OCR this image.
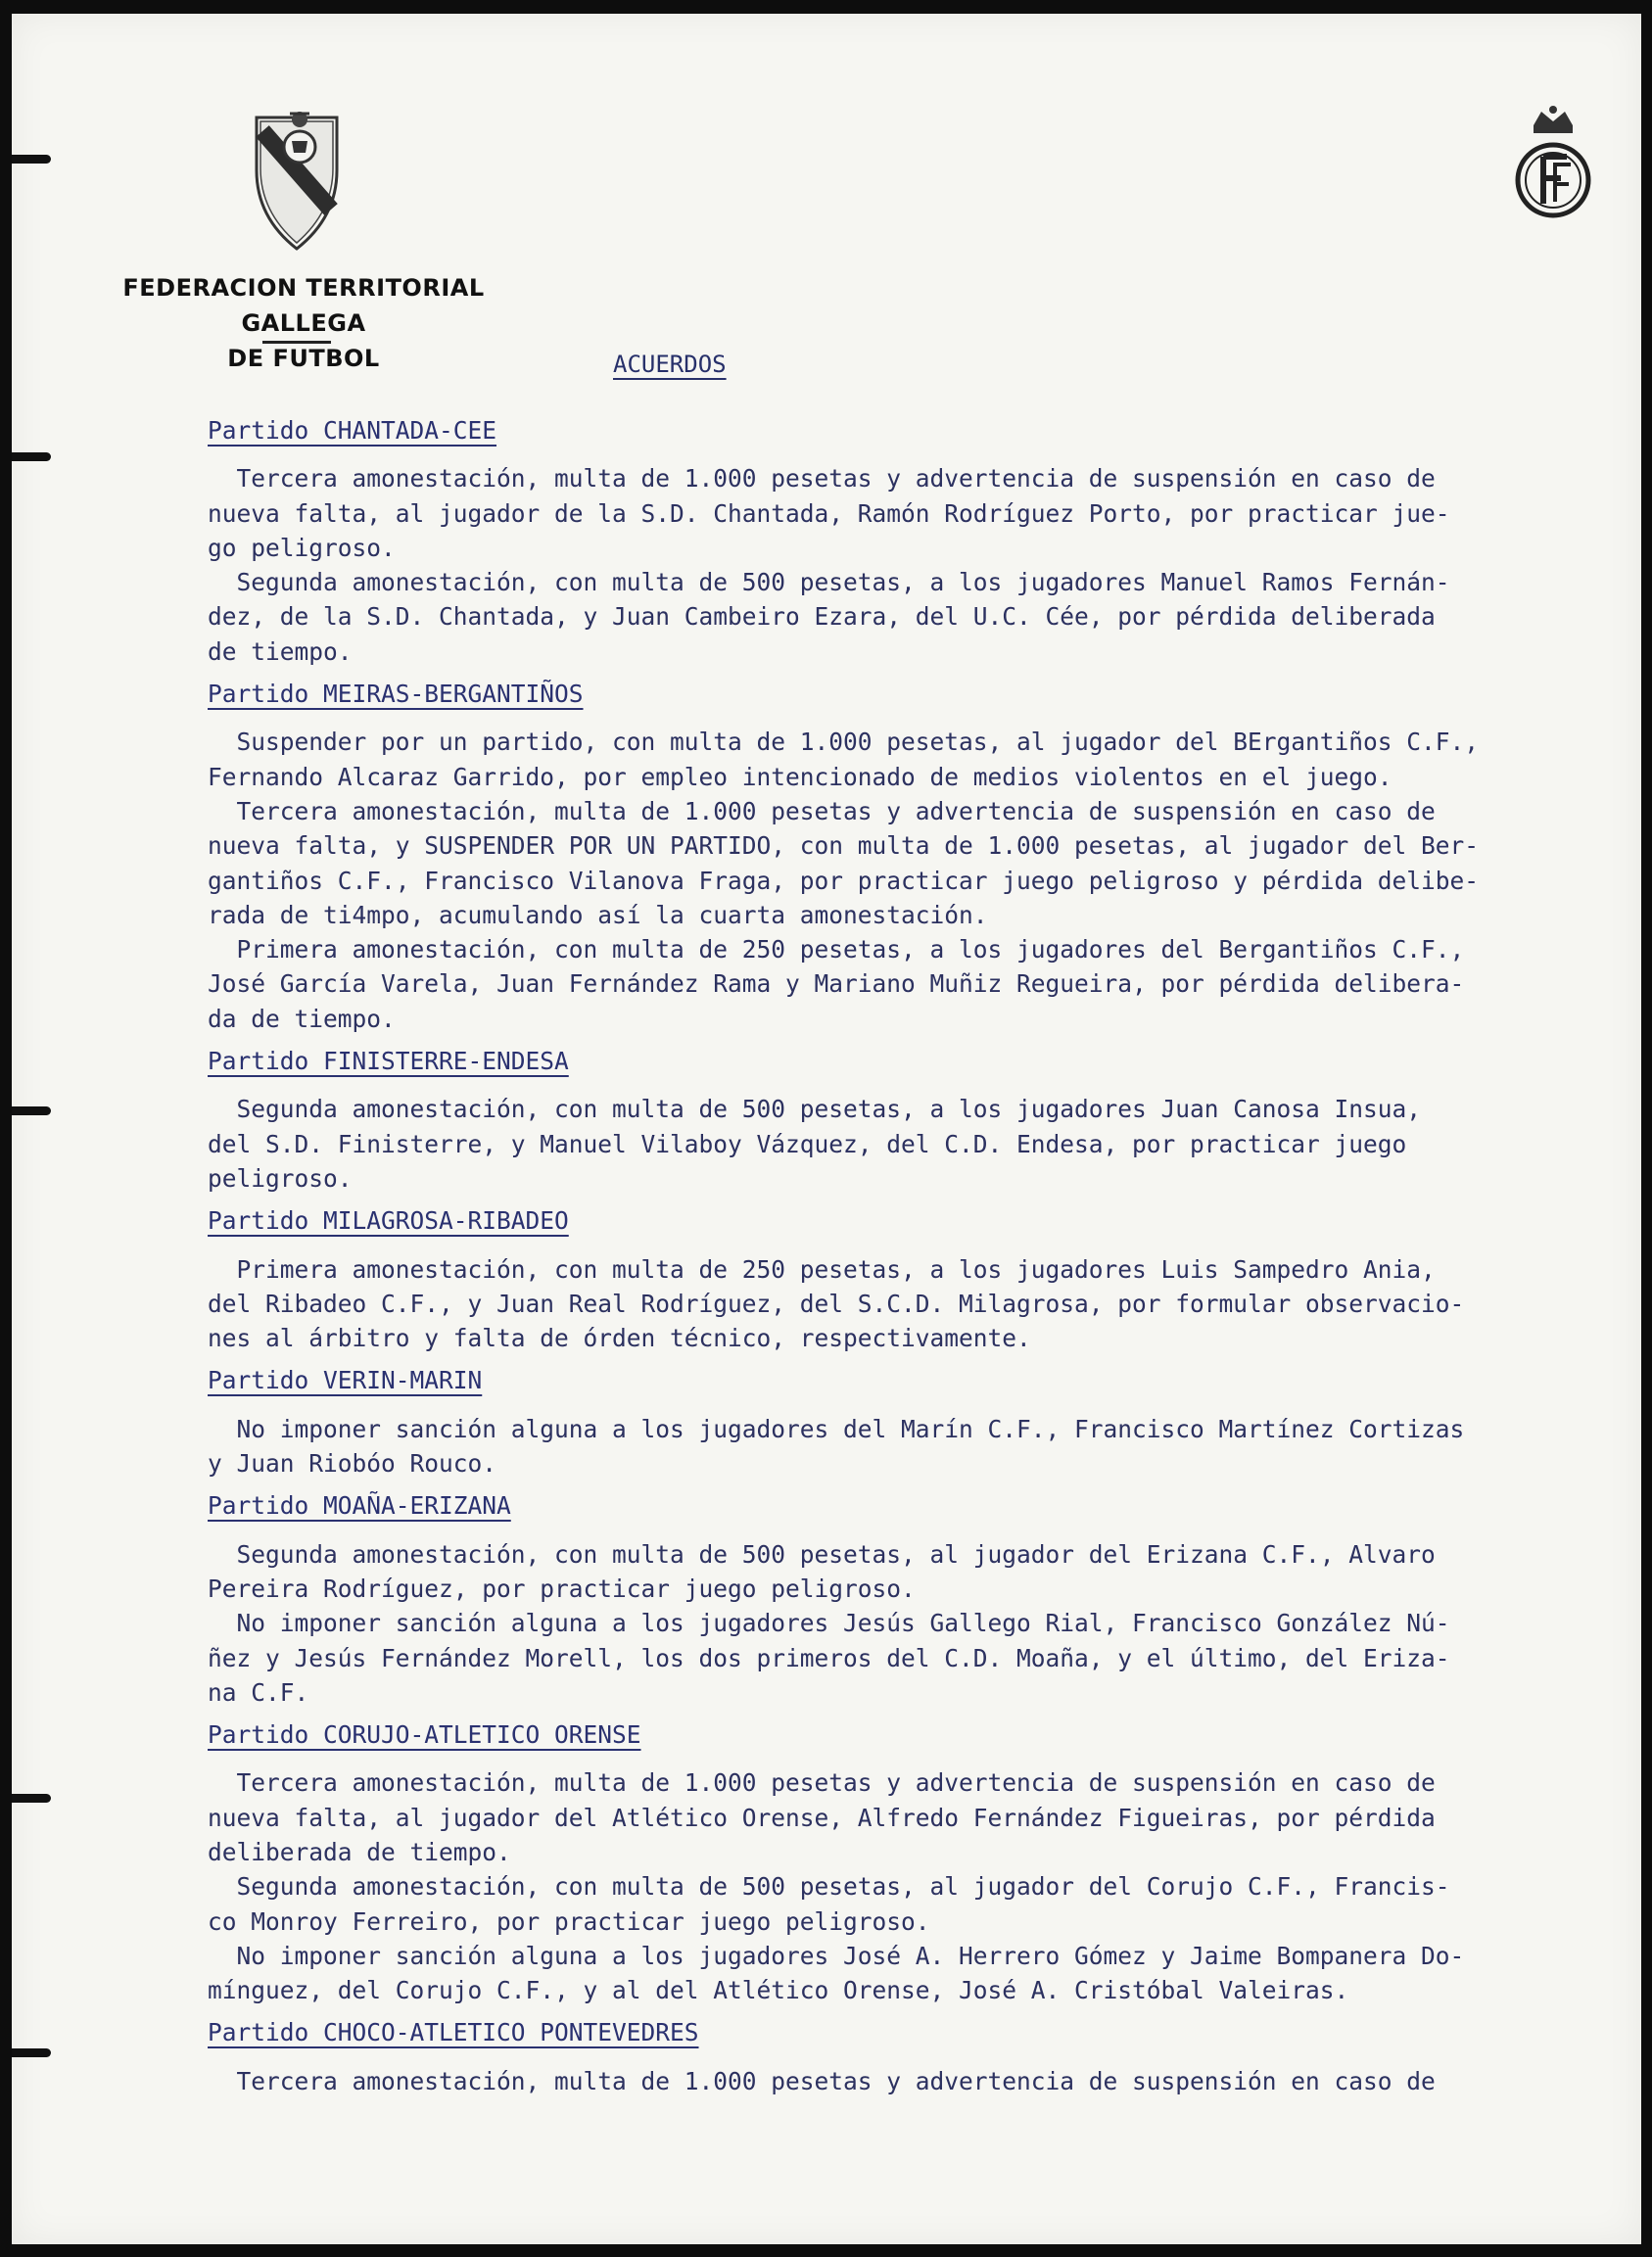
FEDERACION TERRITORIAL GALLEGA
DE FUTBOL	ACUERDOS
Partido CHANTADA-CEE
Tercera amonestación, multa de 1.000 pesetas y advertencia de suspensión en caso de
nueva falta, al jugador de la S.D. Chantada, Ramón Rodríguez Porto, por practicar jue-
go peligroso.
Segunda amonestación, con multa de 500 pesetas, a los jugadores Manuel Ramos Fernán-
dez, de la S.D. Chantada, y Juan Cambeiro Ezara, del U.C. Cée, por pérdida deliberada
de tiempo.
Partido MEIRAS-BERGANTIÑOS
Suspender por un partido, con multa de 1.000 pesetas, al jugador del BErgantiños C.F.,
Fernando Alcaraz Garrido, por empleo intencionado de medios violentos en el juego.
Tercera amonestación, multa de 1.000 pesetas y advertencia de suspensión en caso de
nueva falta, y SUSPENDER POR UN PARTIDO, con multa de 1.000 pesetas, al jugador del Ber-
gantiños C.F., Francisco Vilanova Fraga, por practicar juego peligroso y pérdida delibe-
rada de ti4mpo, acumulando así la cuarta amonestación.
Primera amonestación, con multa de 250 pesetas, a los jugadores del Bergantiños C.F.,
José García Varela, Juan Fernández Rama y Mariano Muñiz Regueira, por pérdida delibera-
da de tiempo.
Partido FINISTERRE-ENDESA
Segunda amonestación, con multa de 500 pesetas, a los jugadores Juan Canosa Insua,
del S.D. Finisterre, y Manuel Vilaboy Vázquez, del C.D. Endesa, por practicar juego
peligroso.
Partido MILAGROSA-RIBADEO
Primera amonestación, con multa de 250 pesetas, a los jugadores Luis Sampedro Ania,
del Ribadeo C.F., y Juan Real Rodríguez, del S.C.D. Milagrosa, por formular observacio-
nes al árbitro y falta de órden técnico, respectivamente.
Partido VERIN-MARIN
No imponer sanción alguna a los jugadores del Marín C.F., Francisco Martínez Cortizas
y Juan Riobóo Rouco.
Partido MOAÑA-ERIZANA
Segunda amonestación, con multa de 500 pesetas, al jugador del Erizana C.F., Alvaro
Pereira Rodríguez, por practicar juego peligroso.
No imponer sanción alguna a los jugadores Jesús Gallego Rial, Francisco González Nú-
ñez y Jesús Fernández Morell, los dos primeros del C.D. Moaña, y el último, del Eriza-
na C.F.
Partido CORUJO-ATLETICO ORENSE
Tercera amonestación, multa de 1.000 pesetas y advertencia de suspensión en caso de
nueva falta, al jugador del Atlético Orense, Alfredo Fernández Figueiras, por pérdida
deliberada de tiempo.
Segunda amonestación, con multa de 500 pesetas, al jugador del Corujo C.F., Francis-
co Monroy Ferreiro, por practicar juego peligroso.
No imponer sanción alguna a los jugadores José A. Herrero Gómez y Jaime Bompanera Do-
mínguez, del Corujo C.F., y al del Atlético Orense, José A. Cristóbal Valeiras.
Partido CHOCO-ATLETICO PONTEVEDRES
Tercera amonestación, multa de 1.000 pesetas y advertencia de suspensión en caso de
